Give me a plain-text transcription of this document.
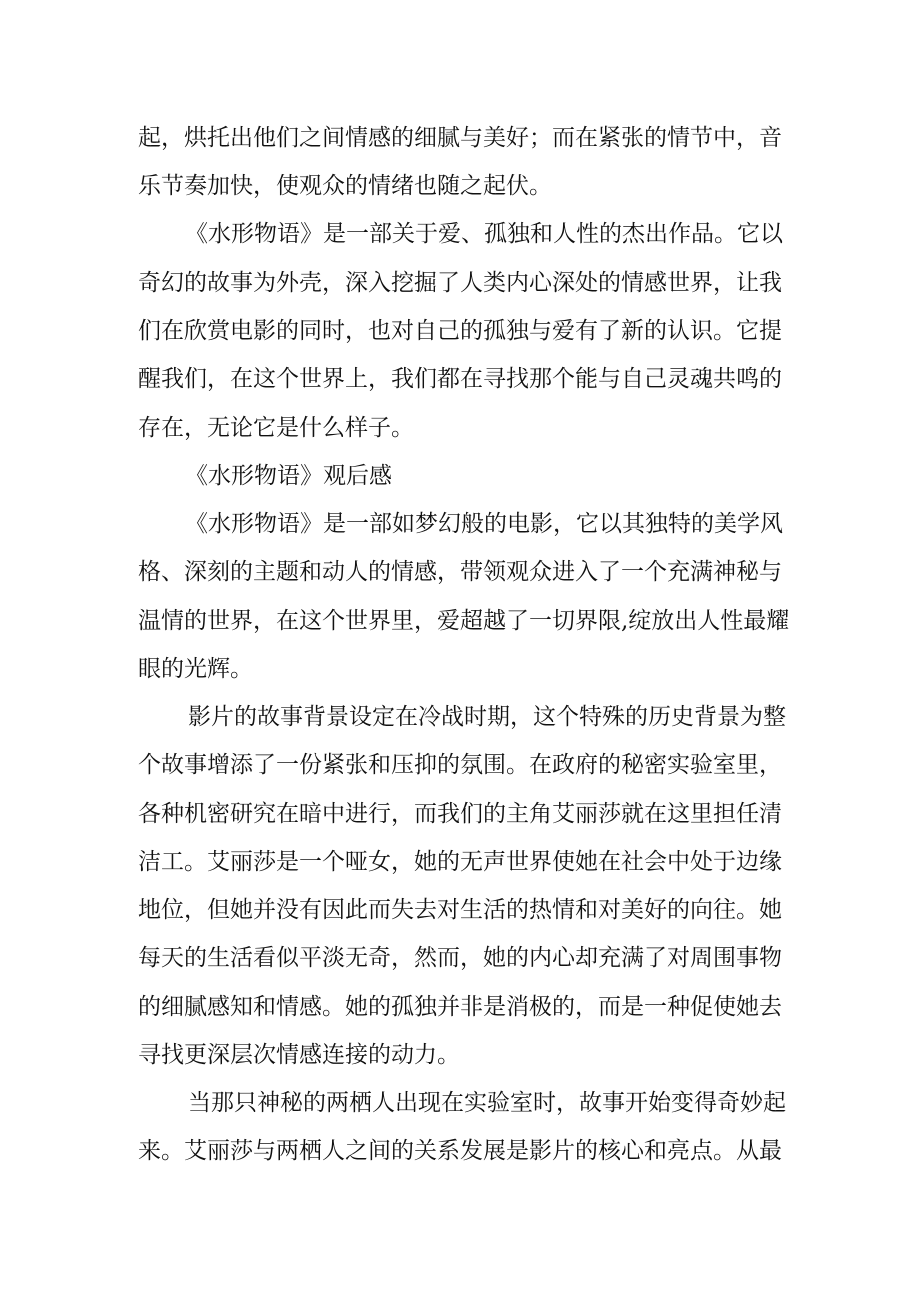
起，烘托出他们之间情感的细腻与美好；而在紧张的情节中，音
乐节奏加快，使观众的情绪也随之起伏。
《水形物语》是一部关于爱、孤独和人性的杰出作品。它以
奇幻的故事为外壳，深入挖掘了人类内心深处的情感世界，让我
们在欣赏电影的同时，也对自己的孤独与爱有了新的认识。它提
醒我们，在这个世界上，我们都在寻找那个能与自己灵魂共鸣的
存在，无论它是什么样子。
《水形物语》观后感
《水形物语》是一部如梦幻般的电影，它以其独特的美学风
格、深刻的主题和动人的情感，带领观众进入了一个充满神秘与
温情的世界，在这个世界里，爱超越了一切界限,绽放出人性最耀
眼的光辉。
影片的故事背景设定在冷战时期，这个特殊的历史背景为整
个故事增添了一份紧张和压抑的氛围。在政府的秘密实验室里，
各种机密研究在暗中进行，而我们的主角艾丽莎就在这里担任清
洁工。艾丽莎是一个哑女，她的无声世界使她在社会中处于边缘
地位，但她并没有因此而失去对生活的热情和对美好的向往。她
每天的生活看似平淡无奇，然而，她的内心却充满了对周围事物
的细腻感知和情感。她的孤独并非是消极的，而是一种促使她去
寻找更深层次情感连接的动力。
当那只神秘的两栖人出现在实验室时，故事开始变得奇妙起
来。艾丽莎与两栖人之间的关系发展是影片的核心和亮点。从最
